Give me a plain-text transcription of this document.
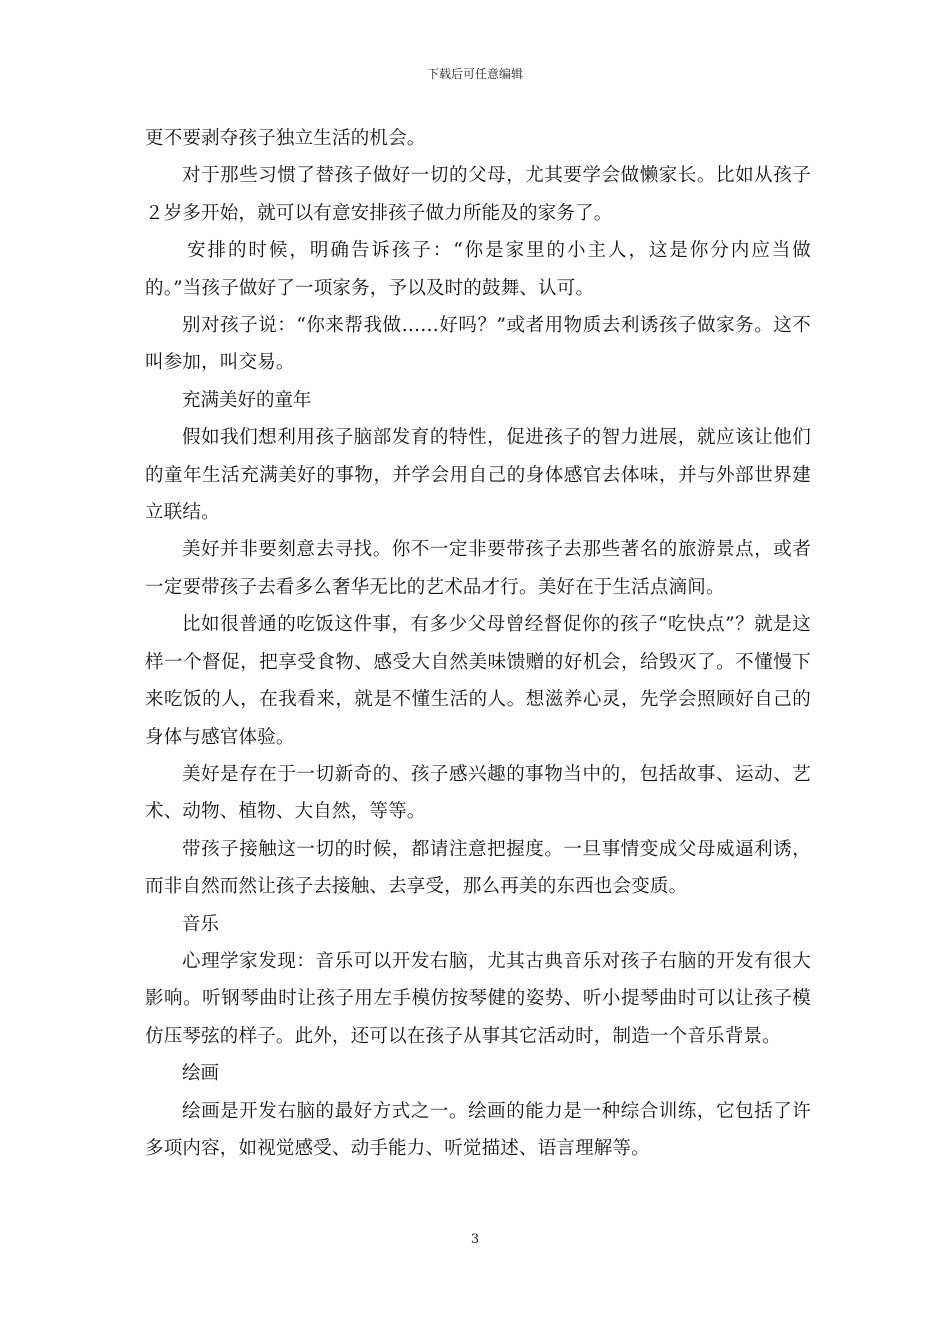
下载后可任意编辑

更不要剥夺孩子独立生活的机会。

对于那些习惯了替孩子做好一切的父母，尤其要学会做懒家长。比如从孩子２岁多开始，就可以有意安排孩子做力所能及的家务了。

安排的时候，明确告诉孩子：“你是家里的小主人，这是你分内应当做的。”当孩子做好了一项家务，予以及时的鼓舞、认可。

别对孩子说：“你来帮我做……好吗？”或者用物质去利诱孩子做家务。这不叫参加，叫交易。

充满美好的童年

假如我们想利用孩子脑部发育的特性，促进孩子的智力进展，就应该让他们的童年生活充满美好的事物，并学会用自己的身体感官去体味，并与外部世界建立联结。

美好并非要刻意去寻找。你不一定非要带孩子去那些著名的旅游景点，或者一定要带孩子去看多么奢华无比的艺术品才行。美好在于生活点滴间。

比如很普通的吃饭这件事，有多少父母曾经督促你的孩子“吃快点”？就是这样一个督促，把享受食物、感受大自然美味馈赠的好机会，给毁灭了。不懂慢下来吃饭的人，在我看来，就是不懂生活的人。想滋养心灵，先学会照顾好自己的身体与感官体验。

美好是存在于一切新奇的、孩子感兴趣的事物当中的，包括故事、运动、艺术、动物、植物、大自然，等等。

带孩子接触这一切的时候，都请注意把握度。一旦事情变成父母威逼利诱，而非自然而然让孩子去接触、去享受，那么再美的东西也会变质。

音乐

心理学家发现：音乐可以开发右脑，尤其古典音乐对孩子右脑的开发有很大影响。听钢琴曲时让孩子用左手模仿按琴健的姿势、听小提琴曲时可以让孩子模仿压琴弦的样子。此外，还可以在孩子从事其它活动时，制造一个音乐背景。

绘画

绘画是开发右脑的最好方式之一。绘画的能力是一种综合训练，它包括了许多项内容，如视觉感受、动手能力、听觉描述、语言理解等。

3
